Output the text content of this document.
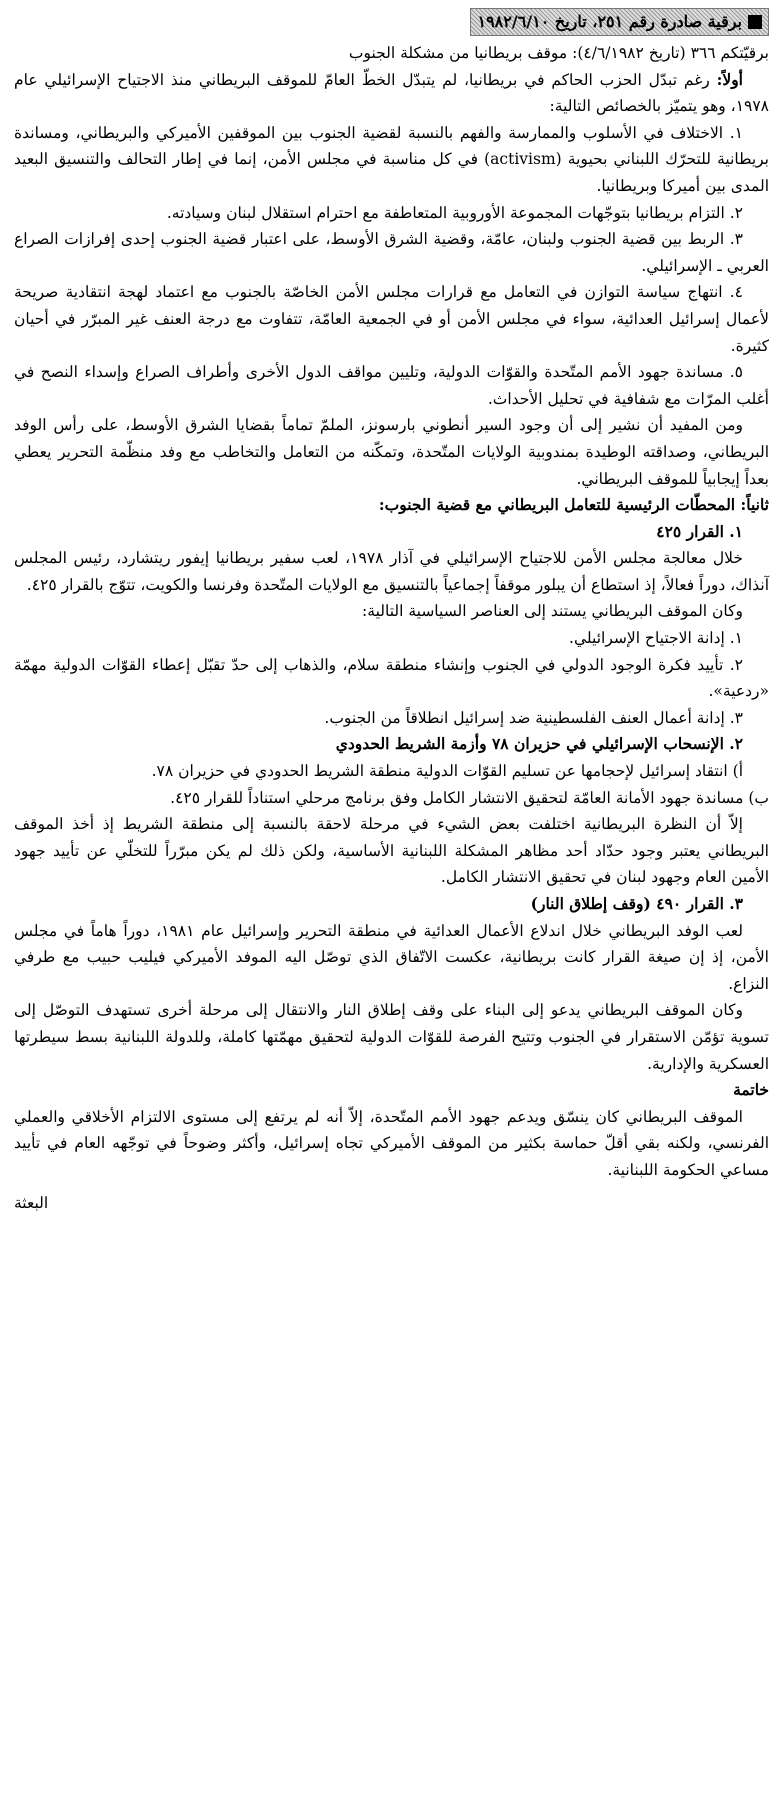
برقية صادرة رقم ٢٥١، تاريخ ١٩٨٢/٦/١٠

برقيّتكم ٣٦٦ (تاريخ ٤/٦/١٩٨٢): موقف بريطانيا من مشكلة الجنوب

أولاً: رغم تبدّل الحزب الحاكم في بريطانيا، لم يتبدّل الخطّ العامّ للموقف البريطاني منذ الاجتياح الإسرائيلي عام ١٩٧٨، وهو يتميّز بالخصائص التالية:

١. الاختلاف في الأسلوب والممارسة والفهم بالنسبة لقضية الجنوب بين الموقفين الأميركي والبريطاني، ومساندة بريطانية للتحرّك اللبناني بحيوية (activism) في كل مناسبة في مجلس الأمن، إنما في إطار التحالف والتنسيق البعيد المدى بين أميركا وبريطانيا.

٢. التزام بريطانيا بتوجّهات المجموعة الأوروبية المتعاطفة مع احترام استقلال لبنان وسيادته.

٣. الربط بين قضية الجنوب ولبنان، عامّة، وقضية الشرق الأوسط، على اعتبار قضية الجنوب إحدى إفرازات الصراع العربي ـ الإسرائيلي.

٤. انتهاج سياسة التوازن في التعامل مع قرارات مجلس الأمن الخاصّة بالجنوب مع اعتماد لهجة انتقادية صريحة لأعمال إسرائيل العدائية، سواء في مجلس الأمن أو في الجمعية العامّة، تتفاوت مع درجة العنف غير المبرّر في أحيان كثيرة.

٥. مساندة جهود الأمم المتّحدة والقوّات الدولية، وتليين مواقف الدول الأخرى وأطراف الصراع وإسداء النصح في أغلب المرّات مع شفافية في تحليل الأحداث.

ومن المفيد أن نشير إلى أن وجود السير أنطوني بارسونز، الملمّ تماماً بقضايا الشرق الأوسط، على رأس الوفد البريطاني، وصداقته الوطيدة بمندوبية الولايات المتّحدة، وتمكّنه من التعامل والتخاطب مع وفد منظّمة التحرير يعطي بعداً إيجابياً للموقف البريطاني.

ثانياً: المحطّات الرئيسية للتعامل البريطاني مع قضية الجنوب:

١. القرار ٤٢٥

خلال معالجة مجلس الأمن للاجتياح الإسرائيلي في آذار ١٩٧٨، لعب سفير بريطانيا إيفور ريتشارد، رئيس المجلس آنذاك، دوراً فعالاً، إذ استطاع أن يبلور موقفاً إجماعياً بالتنسيق مع الولايات المتّحدة وفرنسا والكويت، تتوّج بالقرار ٤٢٥.

وكان الموقف البريطاني يستند إلى العناصر السياسية التالية:

١. إدانة الاجتياح الإسرائيلي.

٢. تأييد فكرة الوجود الدولي في الجنوب وإنشاء منطقة سلام، والذهاب إلى حدّ تقبّل إعطاء القوّات الدولية مهمّة «ردعية».

٣. إدانة أعمال العنف الفلسطينية ضد إسرائيل انطلاقاً من الجنوب.

٢. الإنسحاب الإسرائيلي في حزيران ٧٨ وأزمة الشريط الحدودي

أ) انتقاد إسرائيل لإحجامها عن تسليم القوّات الدولية منطقة الشريط الحدودي في حزيران ٧٨.

ب) مساندة جهود الأمانة العامّة لتحقيق الانتشار الكامل وفق برنامج مرحلي استناداً للقرار ٤٢٥.

إلاّ أن النظرة البريطانية اختلفت بعض الشيء في مرحلة لاحقة بالنسبة إلى منطقة الشريط إذ أخذ الموقف البريطاني يعتبر وجود حدّاد أحد مظاهر المشكلة اللبنانية الأساسية، ولكن ذلك لم يكن مبرّراً للتخلّي عن تأييد جهود الأمين العام وجهود لبنان في تحقيق الانتشار الكامل.

٣. القرار ٤٩٠ (وقف إطلاق النار)

لعب الوفد البريطاني خلال اندلاع الأعمال العدائية في منطقة التحرير وإسرائيل عام ١٩٨١، دوراً هاماً في مجلس الأمن، إذ إن صيغة القرار كانت بريطانية، عكست الاتّفاق الذي توصّل اليه الموفد الأميركي فيليب حبيب مع طرفي النزاع.

وكان الموقف البريطاني يدعو إلى البناء على وقف إطلاق النار والانتقال إلى مرحلة أخرى تستهدف التوصّل إلى تسوية تؤمّن الاستقرار في الجنوب وتتيح الفرصة للقوّات الدولية لتحقيق مهمّتها كاملة، وللدولة اللبنانية بسط سيطرتها العسكرية والإدارية.

خاتمة

الموقف البريطاني كان ينسّق ويدعم جهود الأمم المتّحدة، إلاّ أنه لم يرتفع إلى مستوى الالتزام الأخلاقي والعملي الفرنسي، ولكنه بقي أقلّ حماسة بكثير من الموقف الأميركي تجاه إسرائيل، وأكثر وضوحاً في توجّهه العام في تأييد مساعي الحكومة اللبنانية.

البعثة
